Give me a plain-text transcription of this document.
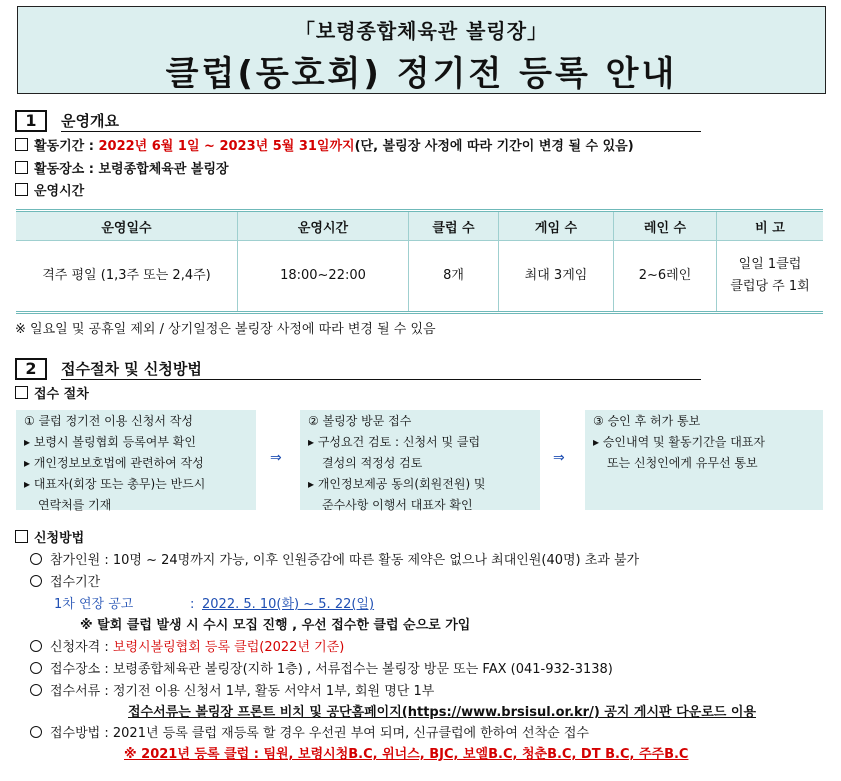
「보령종합체육관 볼링장」
클럽(동호회) 정기전 등록 안내
1	운영개요
활동기간 : 2022년 6월 1일 ~ 2023년 5월 31일까지(단, 볼링장 사정에 따라 기간이 변경 될 수 있음)
활동장소 : 보령종합체육관 볼링장
운영시간
운영일수	운영시간	클럽 수	게임 수	레인 수	비 고
격주 평일 (1,3주 또는 2,4주)	18:00~22:00	8개	최대 3게임	2~6레인	일일 1클럽
클럽당 주 1회
※ 일요일 및 공휴일 제외 / 상기일정은 볼링장 사정에 따라 변경 될 수 있음
2	접수절차 및 신청방법
접수 절차
① 클럽 정기전 이용 신청서 작성
▸ 보령시 볼링협회 등록여부 확인
▸ 개인정보보호법에 관련하여 작성
▸ 대표자(회장 또는 총무)는 반드시
연락처를 기재
⇒
② 볼링장 방문 접수
▸ 구성요건 검토 : 신청서 및 클럽
결성의 적정성 검토
▸ 개인정보제공 동의(회원전원) 및
준수사항 이행서 대표자 확인
⇒
③ 승인 후 허가 통보
▸ 승인내역 및 활동기간을 대표자
또는 신청인에게 유무선 통보
신청방법
참가인원 : 10명 ~ 24명까지 가능, 이후 인원증감에 따른 활동 제약은 없으나 최대인원(40명) 초과 불가
접수기간
1차 연장 공고	: 2022. 5. 10(화) ~ 5. 22(일)
※ 탈회 클럽 발생 시 수시 모집 진행 , 우선 접수한 클럽 순으로 가입
신청자격 : 보령시볼링협회 등록 클럽(2022년 기준)
접수장소 : 보령종합체육관 볼링장(지하 1층) , 서류접수는 볼링장 방문 또는 FAX (041-932-3138)
접수서류 : 정기전 이용 신청서 1부, 활동 서약서 1부, 회원 명단 1부
접수서류는 볼링장 프론트 비치 및 공단홈페이지(https://www.brsisul.or.kr/) 공지 게시판 다운로드 이용
접수방법 : 2021년 등록 클럽 재등록 할 경우 우선권 부여 되며, 신규클럽에 한하여 선착순 접수
※ 2021년 등록 클럽 : 팀원, 보령시청B.C, 위너스, BJC, 보엘B.C, 청춘B.C, DT B.C, 주주B.C
